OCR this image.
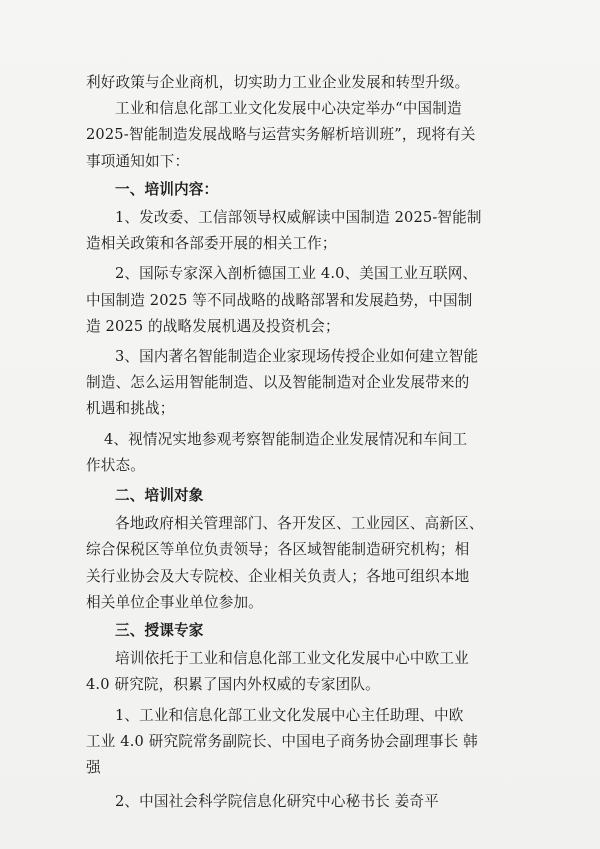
利好政策与企业商机，切实助力工业企业发展和转型升级。

工业和信息化部工业文化发展中心决定举办“中国制造

2025-智能制造发展战略与运营实务解析培训班”，现将有关

事项通知如下：

一、培训内容：

1、发改委、工信部领导权威解读中国制造 2025-智能制

造相关政策和各部委开展的相关工作；

2、国际专家深入剖析德国工业 4.0、美国工业互联网、

中国制造 2025 等不同战略的战略部署和发展趋势，中国制

造 2025 的战略发展机遇及投资机会；

3、国内著名智能制造企业家现场传授企业如何建立智能

制造、怎么运用智能制造、以及智能制造对企业发展带来的

机遇和挑战；

4、视情况实地参观考察智能制造企业发展情况和车间工

作状态。

二、培训对象

各地政府相关管理部门、各开发区、工业园区、高新区、

综合保税区等单位负责领导；各区域智能制造研究机构；相

关行业协会及大专院校、企业相关负责人；各地可组织本地

相关单位企事业单位参加。

三、授课专家

培训依托于工业和信息化部工业文化发展中心中欧工业

4.0 研究院，积累了国内外权威的专家团队。

1、工业和信息化部工业文化发展中心主任助理、中欧

工业 4.0 研究院常务副院长、中国电子商务协会副理事长 韩

强

2、中国社会科学院信息化研究中心秘书长 姜奇平
